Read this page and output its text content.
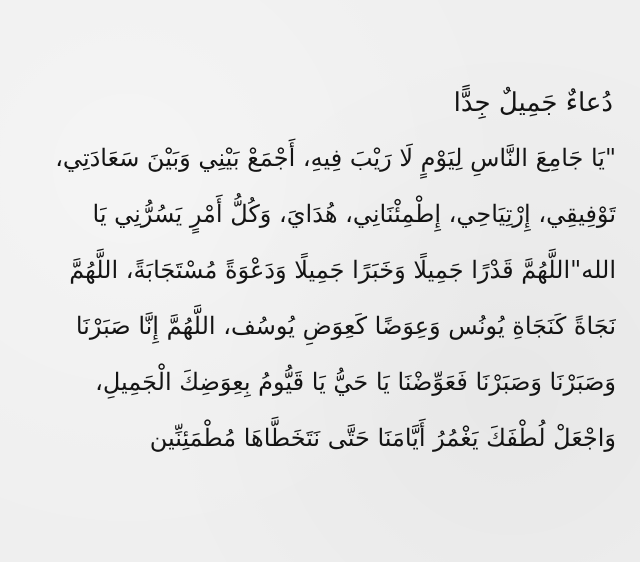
دُعاءٌ جَمِيلٌ جِدًّا
"يَا جَامِعَ النَّاسِ لِيَوْمٍ لَا رَيْبَ فِيهِ، أَجْمَعْ بَيْنِي وَبَيْنَ سَعَادَتِي،
تَوْفِيقِي، إِرْتِيَاحِي، إِطْمِئْنَانِي، هُدَايَ، وَكُلُّ أَمْرٍ يَسُرُّنِي يَا
الله"اللَّهُمَّ قَدْرًا جَمِيلًا وَخَبَرًا جَمِيلًا وَدَعْوَةً مُسْتَجَابَةً، اللَّهُمَّ
نَجَاةً كَنَجَاةِ يُونُس وَعِوَضًا كَعِوَضِ يُوسُف، اللَّهُمَّ إِنَّا صَبَرْنَا
وَصَبَرْنَا وَصَبَرْنَا فَعَوِّضْنَا يَا حَيُّ يَا قَيُّومُ بِعِوَضِكَ الْجَمِيلِ،
وَاجْعَلْ لُطْفَكَ يَغْمُرُ أَيَّامَنَا حَتَّى نَتَخَطَّاهَا مُطْمَئِنِّين
